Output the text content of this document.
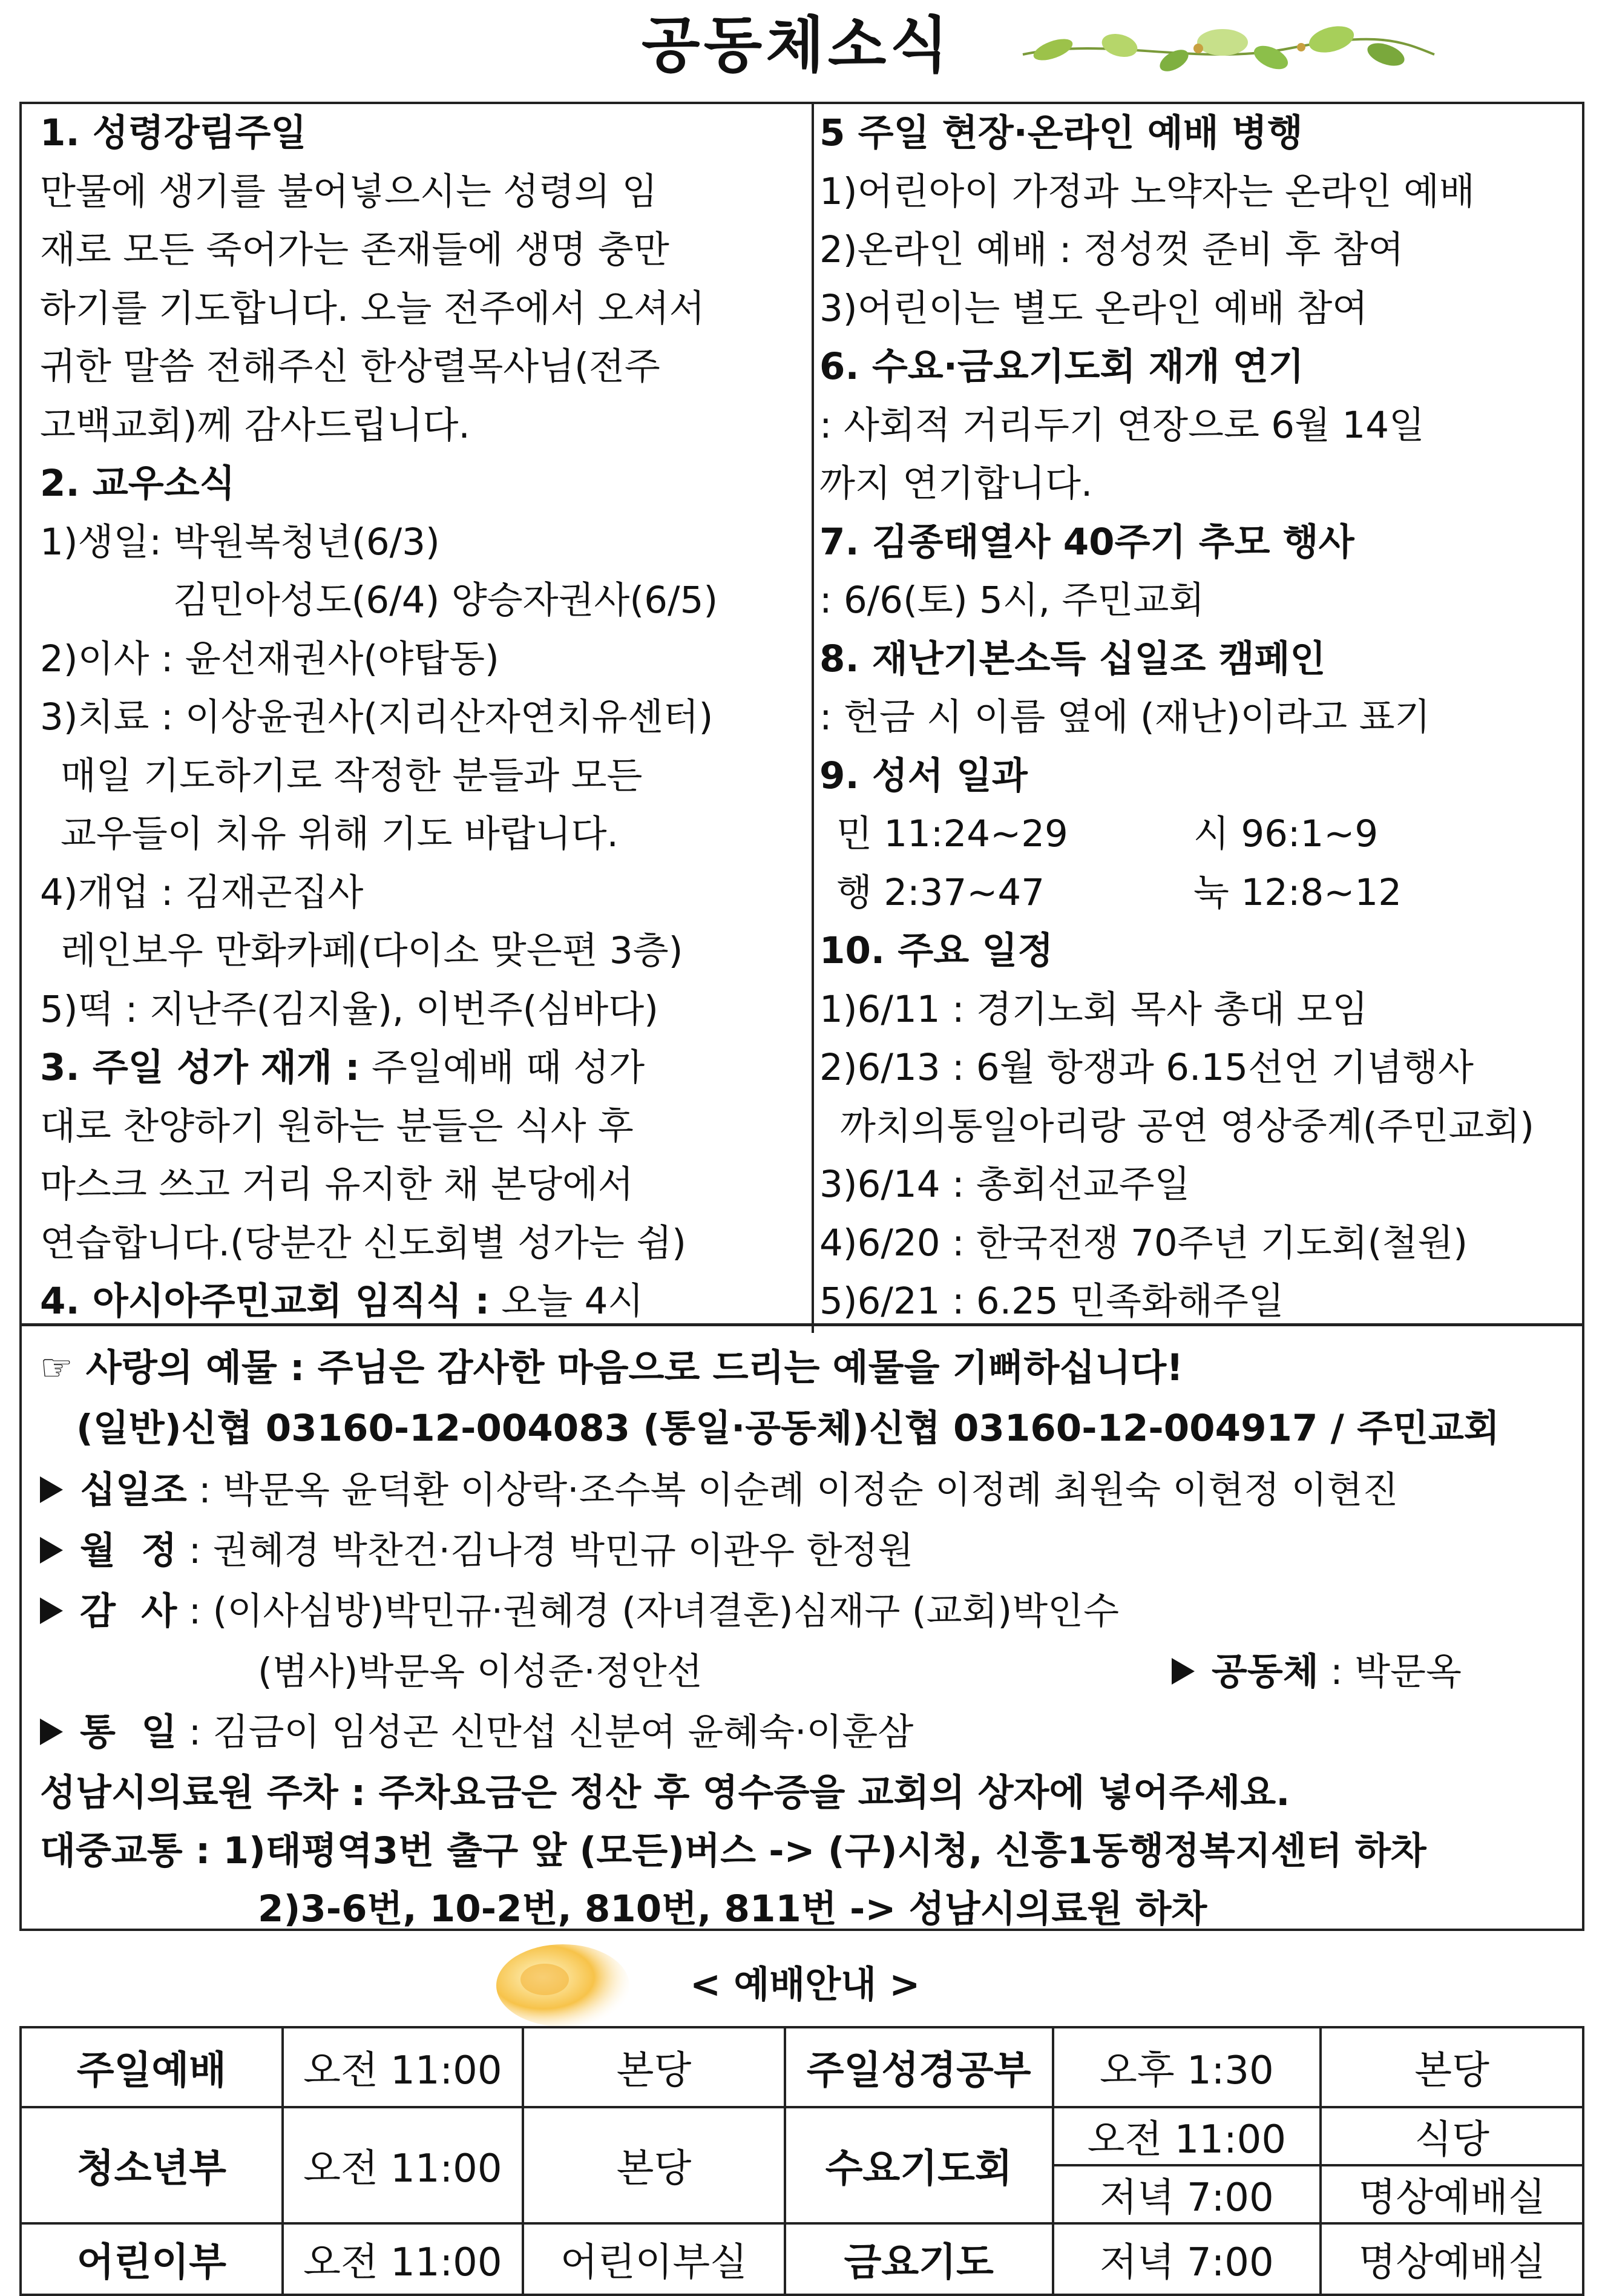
공동체소식
1. 성령강림주일
만물에 생기를 불어넣으시는 성령의 임
재로 모든 죽어가는 존재들에 생명 충만
하기를 기도합니다. 오늘 전주에서 오셔서
귀한 말씀 전해주신 한상렬목사님(전주
고백교회)께 감사드립니다.
2. 교우소식
1)생일: 박원복청년(6/3)
김민아성도(6/4) 양승자권사(6/5)
2)이사 : 윤선재권사(야탑동)
3)치료 : 이상윤권사(지리산자연치유센터)
매일 기도하기로 작정한 분들과 모든
교우들이 치유 위해 기도 바랍니다.
4)개업 : 김재곤집사
레인보우 만화카페(다이소 맞은편 3층)
5)떡 : 지난주(김지율), 이번주(심바다)
3. 주일 성가 재개 : 주일예배 때 성가
대로 찬양하기 원하는 분들은 식사 후
마스크 쓰고 거리 유지한 채 본당에서
연습합니다.(당분간 신도회별 성가는 쉼)
4. 아시아주민교회 임직식 : 오늘 4시
5 주일 현장·온라인 예배 병행
1)어린아이 가정과 노약자는 온라인 예배
2)온라인 예배 : 정성껏 준비 후 참여
3)어린이는 별도 온라인 예배 참여
6. 수요·금요기도회 재개 연기
: 사회적 거리두기 연장으로 6월 14일
까지 연기합니다.
7. 김종태열사 40주기 추모 행사
: 6/6(토) 5시, 주민교회
8. 재난기본소득 십일조 캠페인
: 헌금 시 이름 옆에 (재난)이라고 표기
9. 성서 일과
민 11:24~29	시 96:1~9
행 2:37~47	눅 12:8~12
10. 주요 일정
1)6/11 : 경기노회 목사 총대 모임
2)6/13 : 6월 항쟁과 6.15선언 기념행사
까치의통일아리랑 공연 영상중계(주민교회)
3)6/14 : 총회선교주일
4)6/20 : 한국전쟁 70주년 기도회(철원)
5)6/21 : 6.25 민족화해주일
☞ 사랑의 예물 : 주님은 감사한 마음으로 드리는 예물을 기뻐하십니다!
(일반)신협 03160-12-004083 (통일·공동체)신협 03160-12-004917 / 주민교회
십일조 : 박문옥 윤덕환 이상락·조수복 이순례 이정순 이정례 최원숙 이현정 이현진
월  정 : 권혜경 박찬건·김나경 박민규 이관우 한정원
감  사 : (이사심방)박민규·권혜경 (자녀결혼)심재구 (교회)박인수
(범사)박문옥 이성준·정안선	공동체 : 박문옥
통  일 : 김금이 임성곤 신만섭 신분여 윤혜숙·이훈삼
성남시의료원 주차 : 주차요금은 정산 후 영수증을 교회의 상자에 넣어주세요.
대중교통 : 1)태평역3번 출구 앞 (모든)버스 -> (구)시청, 신흥1동행정복지센터 하차
2)3-6번, 10-2번, 810번, 811번 -> 성남시의료원 하차
< 예배안내 >
주일예배	오전 11:00	본당	주일성경공부	오후 1:30	본당
청소년부	오전 11:00	본당	수요기도회	오전 11:00	식당
				저녁 7:00	명상예배실
어린이부	오전 11:00	어린이부실	금요기도	저녁 7:00	명상예배실
